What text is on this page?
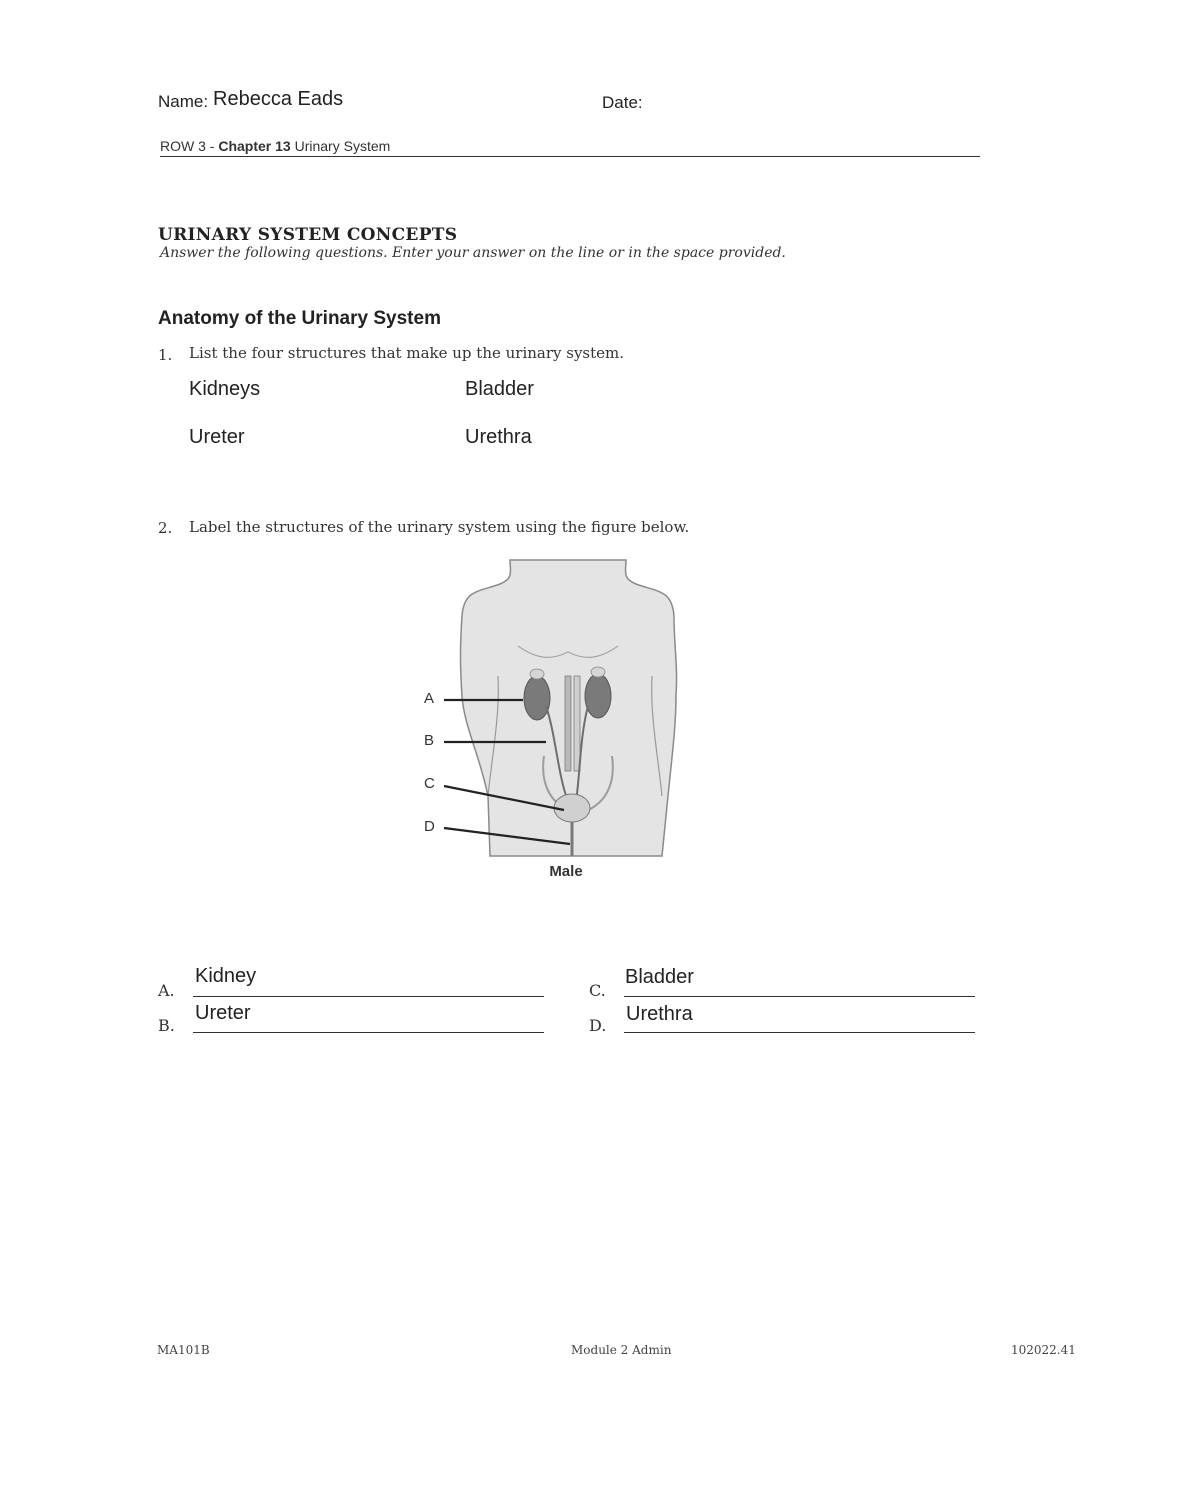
Name: Rebecca Eads	Date:
ROW 3 - Chapter 13 Urinary System
URINARY SYSTEM CONCEPTS
Answer the following questions. Enter your answer on the line or in the space provided.
Anatomy of the Urinary System
1. List the four structures that make up the urinary system.
Kidneys	Bladder
Ureter	Urethra
2. Label the structures of the urinary system using the figure below.
A
B
C
D
Male
A.
Kidney
B.
Ureter
C.
Bladder
D.
Urethra
MA101B	Module 2 Admin	102022.41
